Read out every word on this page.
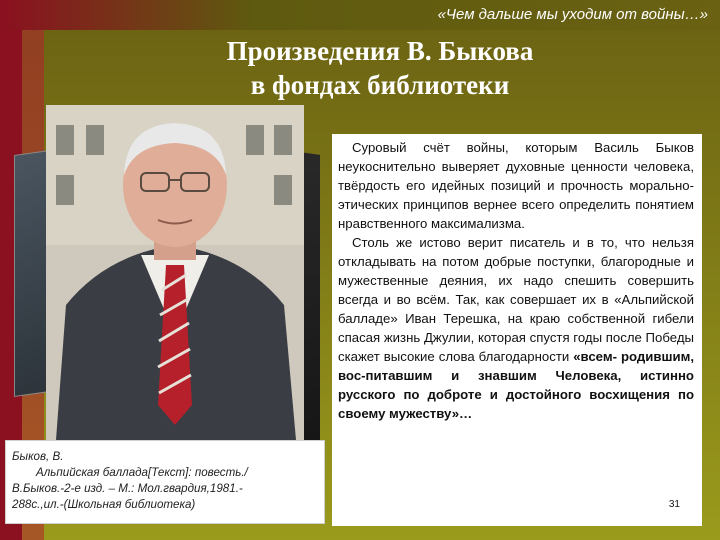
«Чем дальше мы уходим от войны…»
Произведения В. Быкова
в фондах библиотеки

Быков, В.

Альпийская баллада[Текст]: повесть./

В.Быков.-2-е изд. – М.: Мол.гвардия,1981.-

288с.,ил.-(Школьная библиотека)

Суровый счёт войны, которым Василь Быков неукоснительно выверяет духовные ценности человека, твёрдость его идейных позиций и прочность морально-этических принципов вернее всего определить понятием нравственного максимализма.

Столь же истово верит писатель и в то, что нельзя откладывать на потом добрые поступки, благородные и мужественные деяния, их надо спешить совершить всегда и во всём. Так, как совершает их в «Альпийской балладе» Иван Терешка, на краю собственной гибели спасая жизнь Джулии, которая спустя годы после Победы скажет высокие слова благодарности «всем- родившим, вос-питавшим и знавшим Человека, истинно русского по доброте и достойного восхищения по своему мужеству»…

31
